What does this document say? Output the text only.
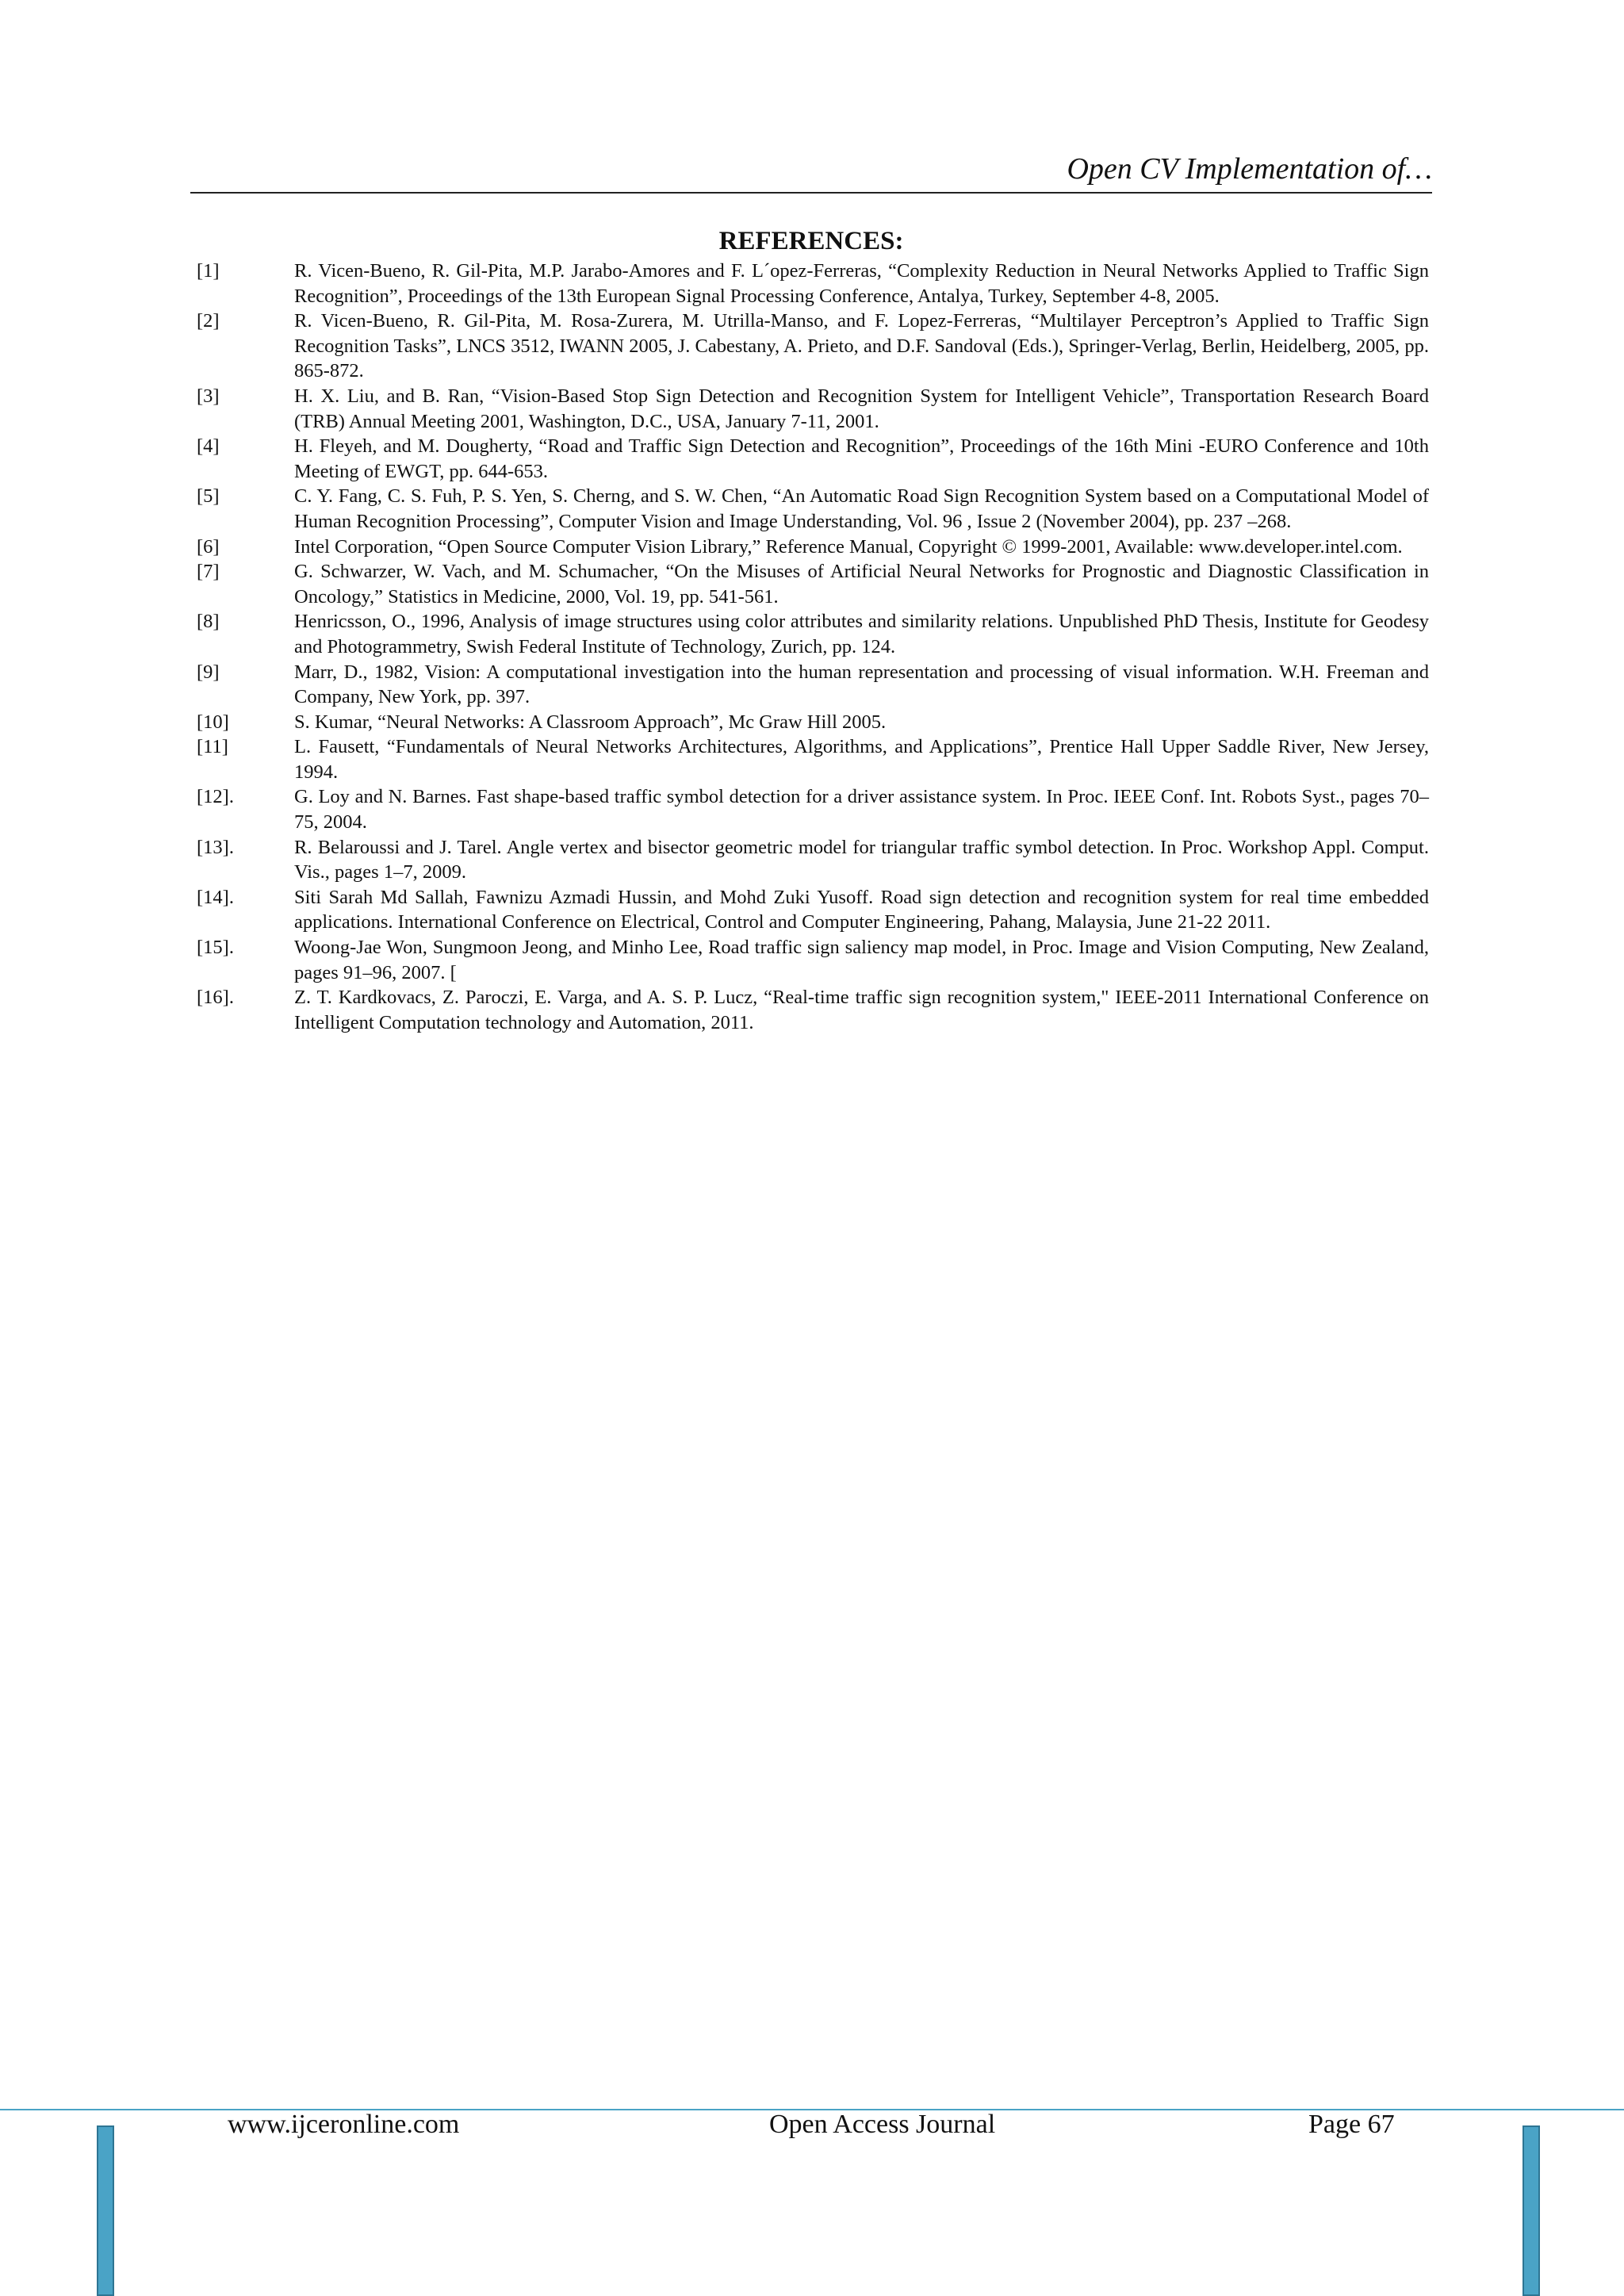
Open CV Implementation of…
REFERENCES:
[1]	R. Vicen-Bueno, R. Gil-Pita, M.P. Jarabo-Amores and F. L´opez-Ferreras, “Complexity Reduction in Neural Networks Applied to Traffic Sign Recognition”, Proceedings of the 13th European Signal Processing Conference, Antalya, Turkey, September 4-8, 2005.
[2]	R. Vicen-Bueno, R. Gil-Pita, M. Rosa-Zurera, M. Utrilla-Manso, and F. Lopez-Ferreras, “Multilayer Perceptron’s Applied to Traffic Sign Recognition Tasks”, LNCS 3512, IWANN 2005, J. Cabestany, A. Prieto, and D.F. Sandoval (Eds.), Springer-Verlag, Berlin, Heidelberg, 2005, pp. 865-872.
[3]	H. X. Liu, and B. Ran, “Vision-Based Stop Sign Detection and Recognition System for Intelligent Vehicle”, Transportation Research Board (TRB) Annual Meeting 2001, Washington, D.C., USA, January 7-11, 2001.
[4]	H. Fleyeh, and M. Dougherty, “Road and Traffic Sign Detection and Recognition”, Proceedings of the 16th Mini -EURO Conference and 10th Meeting of EWGT, pp. 644-653.
[5]	C. Y. Fang, C. S. Fuh, P. S. Yen, S. Cherng, and S. W. Chen, “An Automatic Road Sign Recognition System based on a Computational Model of Human Recognition Processing”, Computer Vision and Image Understanding, Vol. 96 , Issue 2 (November 2004), pp. 237 –268.
[6]	Intel Corporation, “Open Source Computer Vision Library,” Reference Manual, Copyright © 1999-2001, Available: www.developer.intel.com.
[7]	G. Schwarzer, W. Vach, and M. Schumacher, “On the Misuses of Artificial Neural Networks for Prognostic and Diagnostic Classification in Oncology,” Statistics in Medicine, 2000, Vol. 19, pp. 541-561.
[8]	Henricsson, O., 1996, Analysis of image structures using color attributes and similarity relations. Unpublished PhD Thesis, Institute for Geodesy and Photogrammetry, Swish Federal Institute of Technology, Zurich, pp. 124.
[9]	Marr, D., 1982, Vision: A computational investigation into the human representation and processing of visual information. W.H. Freeman and Company, New York, pp. 397.
[10]	S. Kumar, “Neural Networks: A Classroom Approach”, Mc Graw Hill 2005.
[11]	L. Fausett, “Fundamentals of Neural Networks Architectures, Algorithms, and Applications”, Prentice Hall Upper Saddle River, New Jersey, 1994.
[12].	G. Loy and N. Barnes. Fast shape-based traffic symbol detection for a driver assistance system. In Proc. IEEE Conf. Int. Robots Syst., pages 70–75, 2004.
[13].	R. Belaroussi and J. Tarel. Angle vertex and bisector geometric model for triangular traffic symbol detection. In Proc. Workshop Appl. Comput. Vis., pages 1–7, 2009.
[14].	Siti Sarah Md Sallah, Fawnizu Azmadi Hussin, and Mohd Zuki Yusoff. Road sign detection and recognition system for real time embedded applications. International Conference on Electrical, Control and Computer Engineering, Pahang, Malaysia, June 21-22 2011.
[15].	Woong-Jae Won, Sungmoon Jeong, and Minho Lee, Road traffic sign saliency map model, in Proc. Image and Vision Computing, New Zealand, pages 91–96, 2007. [
[16].	Z. T. Kardkovacs, Z. Paroczi, E. Varga, and A. S. P. Lucz, “Real-time traffic sign recognition system," IEEE-2011 International Conference on Intelligent Computation technology and Automation, 2011.
www.ijceronline.com	Open Access Journal	Page 67
